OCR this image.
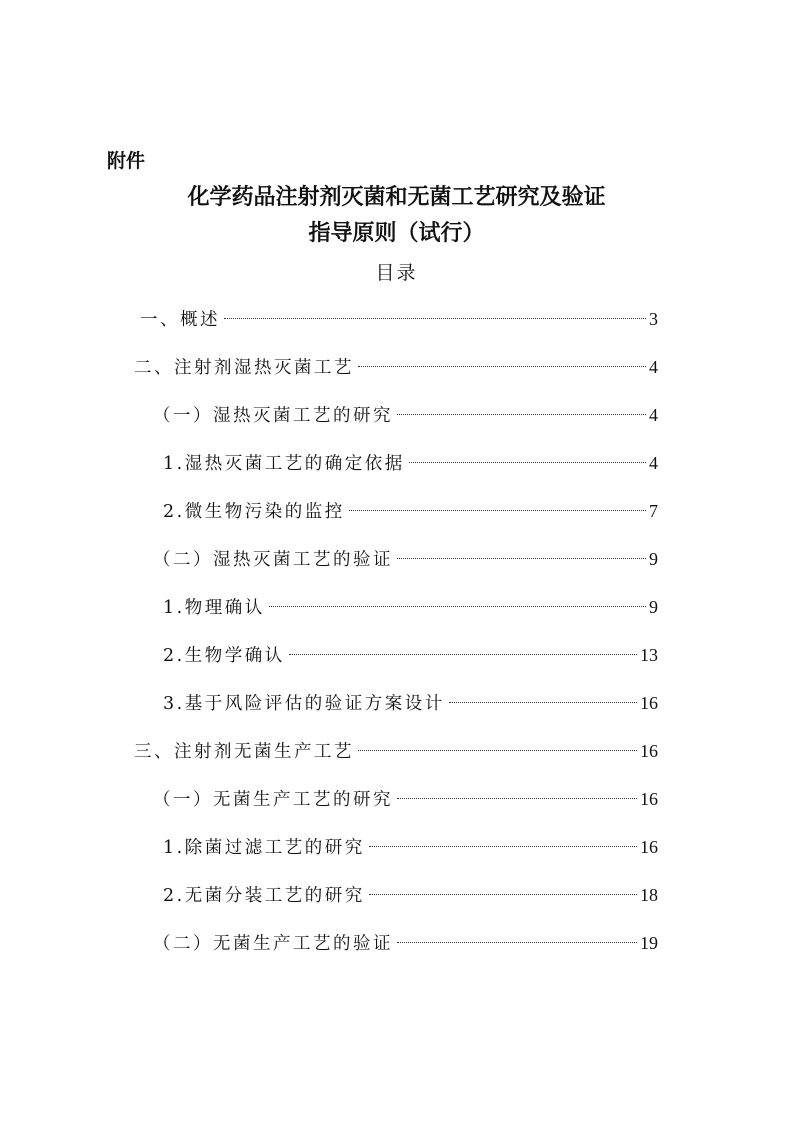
附件
化学药品注射剂灭菌和无菌工艺研究及验证
指导原则（试行）
目录
一、概述	3
二、注射剂湿热灭菌工艺	4
（一）湿热灭菌工艺的研究	4
1.湿热灭菌工艺的确定依据	4
2.微生物污染的监控	7
（二）湿热灭菌工艺的验证	9
1.物理确认	9
2.生物学确认	13
3.基于风险评估的验证方案设计	16
三、注射剂无菌生产工艺	16
（一）无菌生产工艺的研究	16
1.除菌过滤工艺的研究	16
2.无菌分装工艺的研究	18
（二）无菌生产工艺的验证	19
